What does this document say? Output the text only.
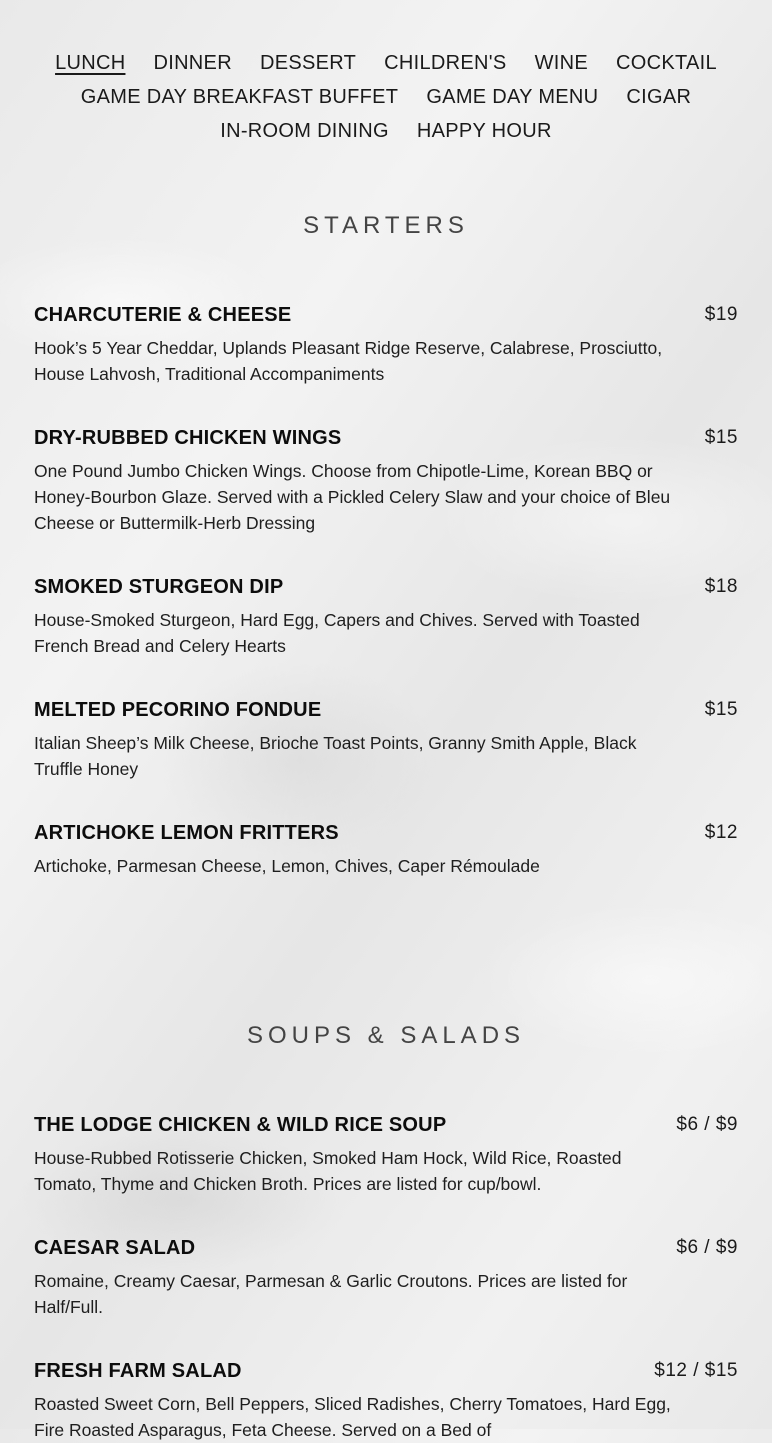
LUNCH DINNER DESSERT CHILDREN'S WINE COCKTAIL
GAME DAY BREAKFAST BUFFET GAME DAY MENU CIGAR
IN-ROOM DINING HAPPY HOUR
STARTERS
CHARCUTERIE & CHEESE	$19
Hook’s 5 Year Cheddar, Uplands Pleasant Ridge Reserve, Calabrese, Prosciutto, House Lahvosh, Traditional Accompaniments
DRY-RUBBED CHICKEN WINGS	$15
One Pound Jumbo Chicken Wings. Choose from Chipotle-Lime, Korean BBQ or Honey-Bourbon Glaze. Served with a Pickled Celery Slaw and your choice of Bleu Cheese or Buttermilk-Herb Dressing
SMOKED STURGEON DIP	$18
House-Smoked Sturgeon, Hard Egg, Capers and Chives. Served with Toasted French Bread and Celery Hearts
MELTED PECORINO FONDUE	$15
Italian Sheep’s Milk Cheese, Brioche Toast Points, Granny Smith Apple, Black Truffle Honey
ARTICHOKE LEMON FRITTERS	$12
Artichoke, Parmesan Cheese, Lemon, Chives, Caper Rémoulade
SOUPS & SALADS
THE LODGE CHICKEN & WILD RICE SOUP	$6 / $9
House-Rubbed Rotisserie Chicken, Smoked Ham Hock, Wild Rice, Roasted Tomato, Thyme and Chicken Broth. Prices are listed for cup/bowl.
CAESAR SALAD	$6 / $9
Romaine, Creamy Caesar, Parmesan & Garlic Croutons. Prices are listed for Half/Full.
FRESH FARM SALAD	$12 / $15
Roasted Sweet Corn, Bell Peppers, Sliced Radishes, Cherry Tomatoes, Hard Egg, Fire Roasted Asparagus, Feta Cheese. Served on a Bed of
